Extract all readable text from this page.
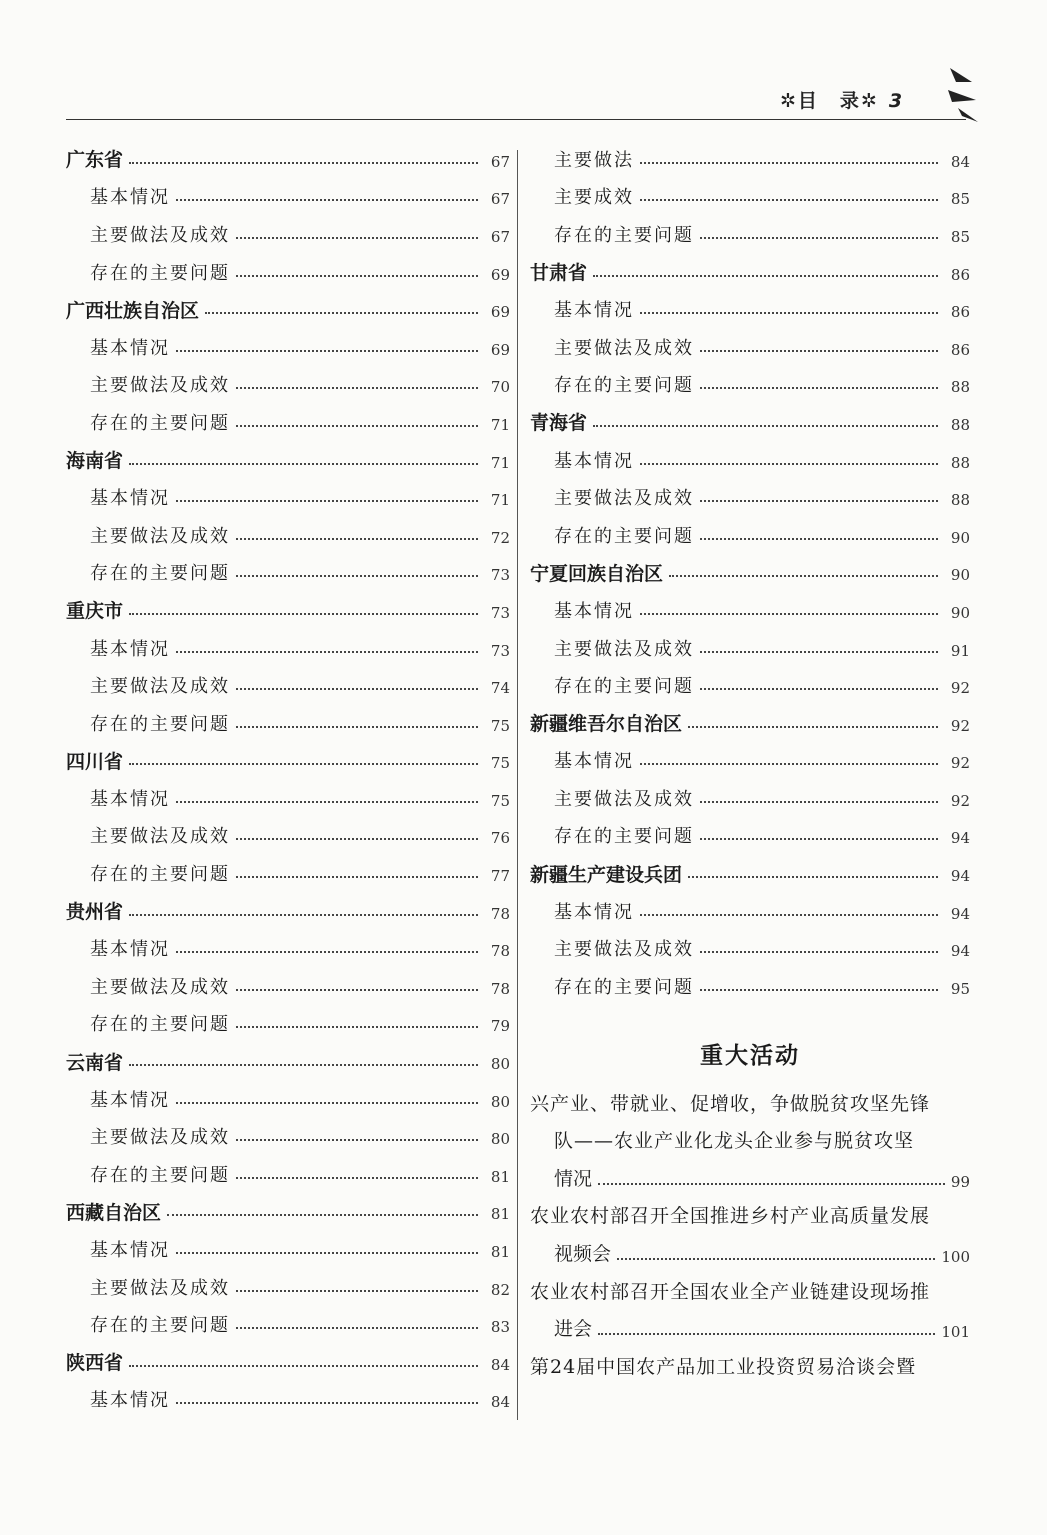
✲目　录✲ 3
广东省	67
基本情况	67
主要做法及成效	67
存在的主要问题	69
广西壮族自治区	69
基本情况	69
主要做法及成效	70
存在的主要问题	71
海南省	71
基本情况	71
主要做法及成效	72
存在的主要问题	73
重庆市	73
基本情况	73
主要做法及成效	74
存在的主要问题	75
四川省	75
基本情况	75
主要做法及成效	76
存在的主要问题	77
贵州省	78
基本情况	78
主要做法及成效	78
存在的主要问题	79
云南省	80
基本情况	80
主要做法及成效	80
存在的主要问题	81
西藏自治区	81
基本情况	81
主要做法及成效	82
存在的主要问题	83
陕西省	84
基本情况	84
主要做法	84
主要成效	85
存在的主要问题	85
甘肃省	86
基本情况	86
主要做法及成效	86
存在的主要问题	88
青海省	88
基本情况	88
主要做法及成效	88
存在的主要问题	90
宁夏回族自治区	90
基本情况	90
主要做法及成效	91
存在的主要问题	92
新疆维吾尔自治区	92
基本情况	92
主要做法及成效	92
存在的主要问题	94
新疆生产建设兵团	94
基本情况	94
主要做法及成效	94
存在的主要问题	95
重大活动
兴产业、带就业、促增收，争做脱贫攻坚先锋
队——农业产业化龙头企业参与脱贫攻坚
情况	99
农业农村部召开全国推进乡村产业高质量发展
视频会	100
农业农村部召开全国农业全产业链建设现场推
进会	101
第24届中国农产品加工业投资贸易洽谈会暨
